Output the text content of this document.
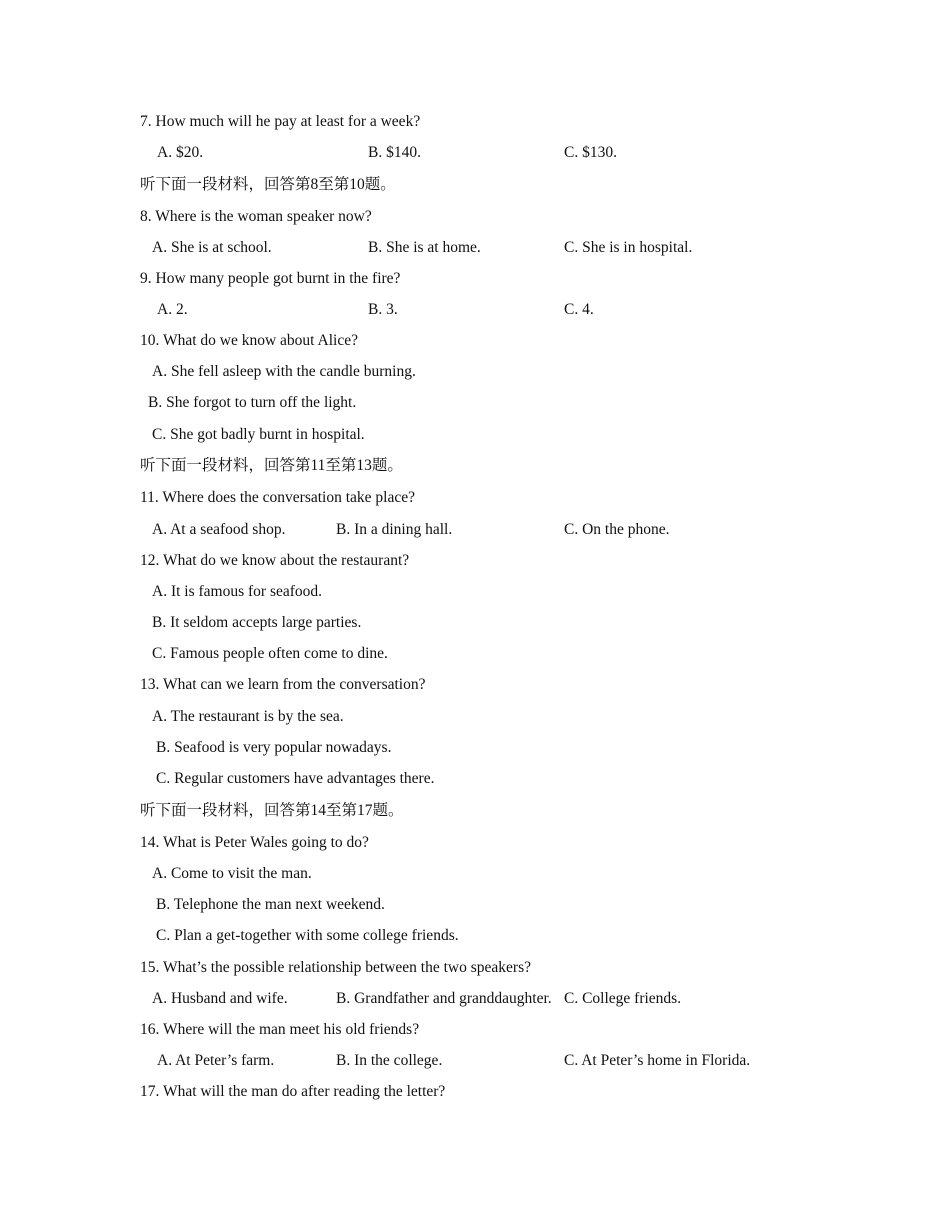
7. How much will he pay at least for a week?
A. $20.	B. $140.	C. $130.
听下面一段材料，回答第8至第10题。
8. Where is the woman speaker now?
A. She is at school.	B. She is at home.	C. She is in hospital.
9. How many people got burnt in the fire?
A. 2.	B. 3.	C. 4.
10. What do we know about Alice?
A. She fell asleep with the candle burning.
B. She forgot to turn off the light.
C. She got badly burnt in hospital.
听下面一段材料，回答第11至第13题。
11. Where does the conversation take place?
A. At a seafood shop.	B. In a dining hall.	C. On the phone.
12. What do we know about the restaurant?
A. It is famous for seafood.
B. It seldom accepts large parties.
C. Famous people often come to dine.
13. What can we learn from the conversation?
A. The restaurant is by the sea.
B. Seafood is very popular nowadays.
C. Regular customers have advantages there.
听下面一段材料，回答第14至第17题。
14. What is Peter Wales going to do?
A. Come to visit the man.
B. Telephone the man next weekend.
C. Plan a get-together with some college friends.
15. What’s the possible relationship between the two speakers?
A. Husband and wife.	B. Grandfather and granddaughter. C. College friends.
16. Where will the man meet his old friends?
A. At Peter’s farm.	B. In the college.	C. At Peter’s home in Florida.
17. What will the man do after reading the letter?
